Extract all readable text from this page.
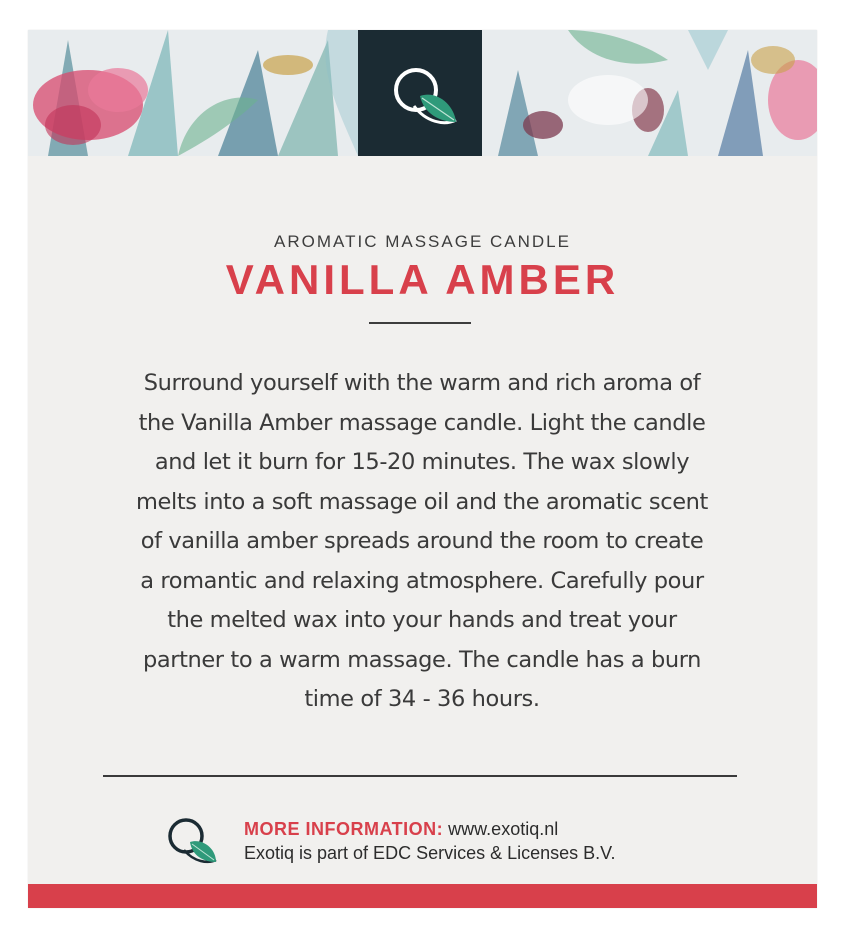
AROMATIC MASSAGE CANDLE
VANILLA AMBER
Surround yourself with the warm and rich aroma of
the Vanilla Amber massage candle. Light the candle
and let it burn for 15-20 minutes. The wax slowly
melts into a soft massage oil and the aromatic scent
of vanilla amber spreads around the room to create
a romantic and relaxing atmosphere. Carefully pour
the melted wax into your hands and treat your
partner to a warm massage. The candle has a burn
time of 34 - 36 hours.
MORE INFORMATION: www.exotiq.nl
Exotiq is part of EDC Services & Licenses B.V.
